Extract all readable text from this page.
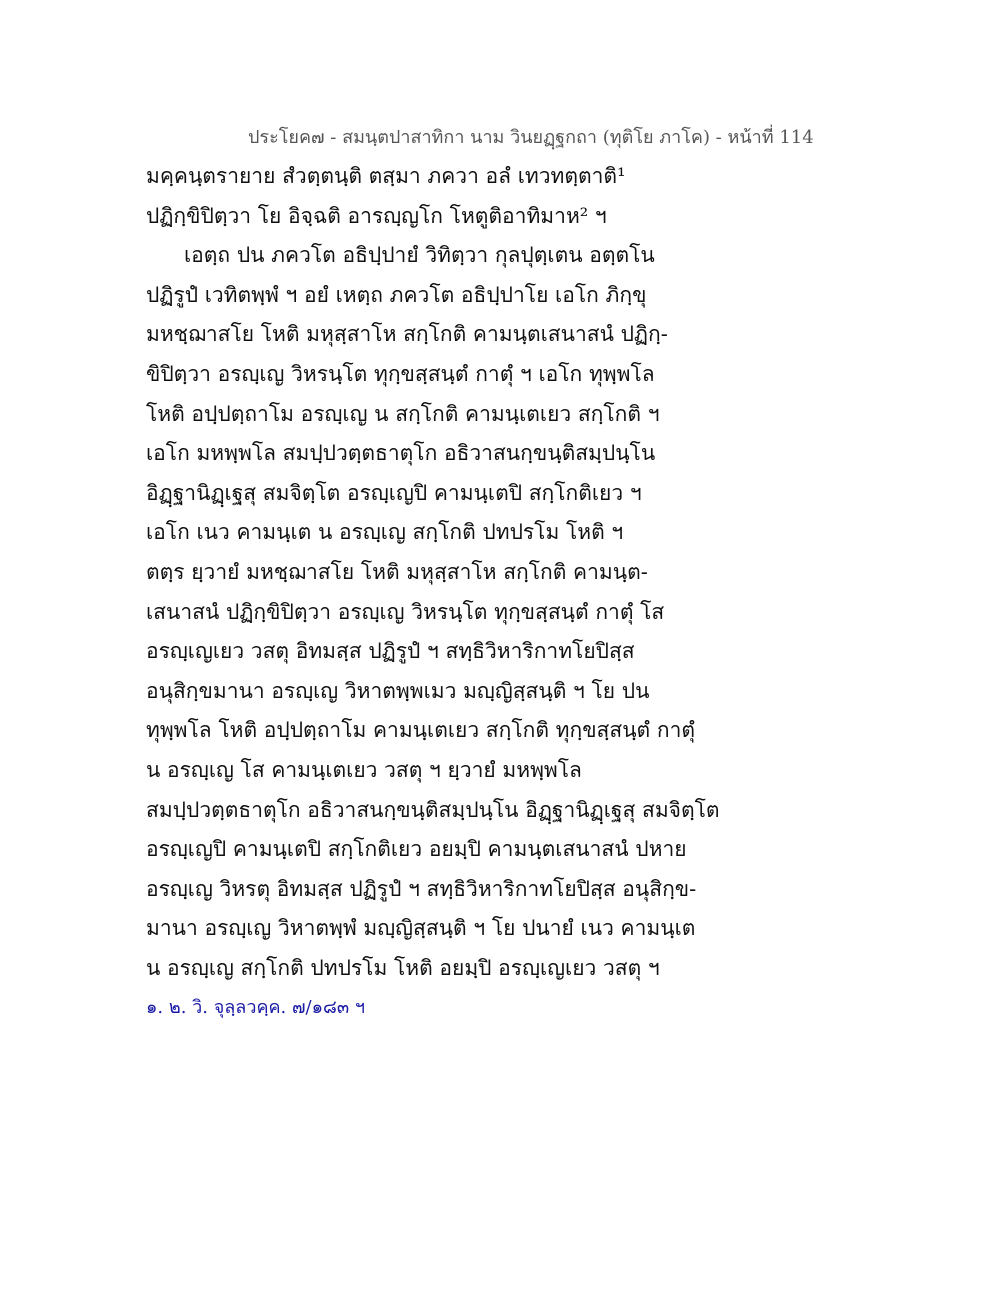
ประโยค๗ - สมนฺตปาสาทิกา นาม วินยฏฺฐกถา (ทุติโย ภาโค) - หน้าที่ 114
มคฺคนฺตรายาย สํวตฺตนฺติ ตสฺมา ภควา อลํ เทวทตฺตาติ¹
ปฏิกฺขิปิตฺวา โย อิจฺฉติ อารญฺญโก โหตูติอาทิมาห² ฯ
เอตฺถ ปน ภควโต อธิปฺปายํ วิทิตฺวา กุลปุตฺเตน อตฺตโน
ปฏิรูปํ เวทิตพฺพํ ฯ อยํ เหตฺถ ภควโต อธิปฺปาโย เอโก ภิกฺขุ
มหชฺฌาสโย โหติ มหุสฺสาโห สกฺโกติ คามนฺตเสนาสนํ ปฏิกฺ-
ขิปิตฺวา อรญฺเญ วิหรนฺโต ทุกฺขสฺสนฺตํ กาตุํ ฯ เอโก ทุพฺพโล
โหติ อปฺปตฺถาโม อรญฺเญ น สกฺโกติ คามนฺเตเยว สกฺโกติ ฯ
เอโก มหพฺพโล สมปฺปวตฺตธาตุโก อธิวาสนกฺขนฺติสมฺปนฺโน
อิฏฺฐานิฏฺเฐสุ สมจิตฺโต อรญฺเญปิ คามนฺเตปิ สกฺโกติเยว ฯ
เอโก เนว คามนฺเต น อรญฺเญ สกฺโกติ ปทปรโม โหติ ฯ
ตตฺร ยฺวายํ มหชฺฌาสโย โหติ มหุสฺสาโห สกฺโกติ คามนฺต-
เสนาสนํ ปฏิกฺขิปิตฺวา อรญฺเญ วิหรนฺโต ทุกฺขสฺสนฺตํ กาตุํ โส
อรญฺเญเยว วสตุ อิทมสฺส ปฏิรูปํ ฯ สทฺธิวิหาริกาทโยปิสฺส
อนุสิกฺขมานา อรญฺเญ วิหาตพฺพเมว มญฺญิสฺสนฺติ ฯ โย ปน
ทุพฺพโล โหติ อปฺปตฺถาโม คามนฺเตเยว สกฺโกติ ทุกฺขสฺสนฺตํ กาตุํ
น อรญฺเญ โส คามนฺเตเยว วสตุ ฯ ยฺวายํ มหพฺพโล
สมปฺปวตฺตธาตุโก อธิวาสนกฺขนฺติสมฺปนฺโน อิฏฺฐานิฏฺเฐสุ สมจิตฺโต
อรญฺเญปิ คามนฺเตปิ สกฺโกติเยว อยมฺปิ คามนฺตเสนาสนํ ปหาย
อรญฺเญ วิหรตุ อิทมสฺส ปฏิรูปํ ฯ สทฺธิวิหาริกาทโยปิสฺส อนุสิกฺข-
มานา อรญฺเญ วิหาตพฺพํ มญฺญิสฺสนฺติ ฯ โย ปนายํ เนว คามนฺเต
น อรญฺเญ สกฺโกติ ปทปรโม โหติ อยมฺปิ อรญฺเญเยว วสตุ ฯ
๑. ๒. วิ. จุลฺลวคฺค. ๗/๑๘๓ ฯ
